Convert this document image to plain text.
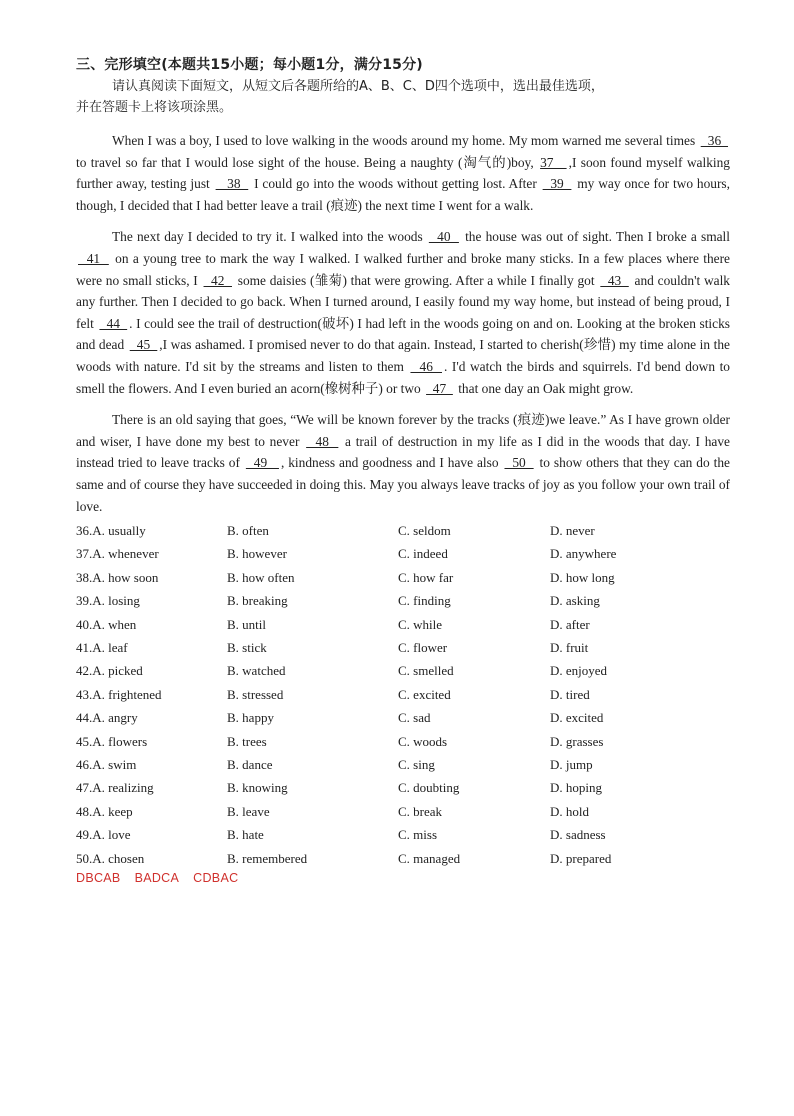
三、完形填空(本题共15小题；每小题1分，满分15分)
请认真阅读下面短文，从短文后各题所给的A、B、C、D四个选项中，选出最佳选项，
并在答题卡上将该项涂黑。

When I was a boy, I used to love walking in the woods around my home. My mom warned me several times   36   to travel so far that I would lose sight of the house. Being a naughty (淘气的)boy, 37   ,I soon found myself walking further away, testing just    38   I could go into the woods without getting lost. After   39   my way once for two hours, though, I decided that I had better leave a trail (痕迹) the next time I went for a walk.

The next day I decided to try it. I walked into the woods   40   the house was out of sight. Then I broke a small   41   on a young tree to mark the way I walked. I walked further and broke many sticks. In a few places where there were no small sticks, I   42   some daisies (雏菊) that were growing. After a while I finally got   43   and couldn't walk any further. Then I decided to go back. When I turned around, I easily found my way home, but instead of being proud, I felt   44  . I could see the trail of destruction(破坏) I had left in the woods going on and on. Looking at the broken sticks and dead   45  ,I was ashamed. I promised never to do that again. Instead, I started to cherish(珍惜) my time alone in the woods with nature. I'd sit by the streams and listen to them   46  . I'd watch the birds and squirrels. I'd bend down to smell the flowers. And I even buried an acorn(橡树种子) or two   47   that one day an Oak might grow.

There is an old saying that goes, “We will be known forever by the tracks (痕迹)we leave.” As I have grown older and wiser, I have done my best to never   48   a trail of destruction in my life as I did in the woods that day. I have instead tried to leave tracks of   49   , kindness and goodness and I have also   50   to show others that they can do the same and of course they have succeeded in doing this. May you always leave tracks of joy as you follow your own trail of love.

36.A. usually	B. often	C. seldom	D. never
37.A. whenever	B. however	C. indeed	D. anywhere
38.A. how soon	B. how often	C. how far	D. how long
39.A. losing	B. breaking	C. finding	D. asking
40.A. when	B. until	C. while	D. after
41.A. leaf	B. stick	C. flower	D. fruit
42.A. picked	B. watched	C. smelled	D. enjoyed
43.A. frightened	B. stressed	C. excited	D. tired
44.A. angry	B. happy	C. sad	D. excited
45.A. flowers	B. trees	C. woods	D. grasses
46.A. swim	B. dance	C. sing	D. jump
47.A. realizing	B. knowing	C. doubting	D. hoping
48.A. keep	B. leave	C. break	D. hold
49.A. love	B. hate	C. miss	D. sadness
50.A. chosen	B. remembered	C. managed	D. prepared
DBCAB BADCA CDBAC
